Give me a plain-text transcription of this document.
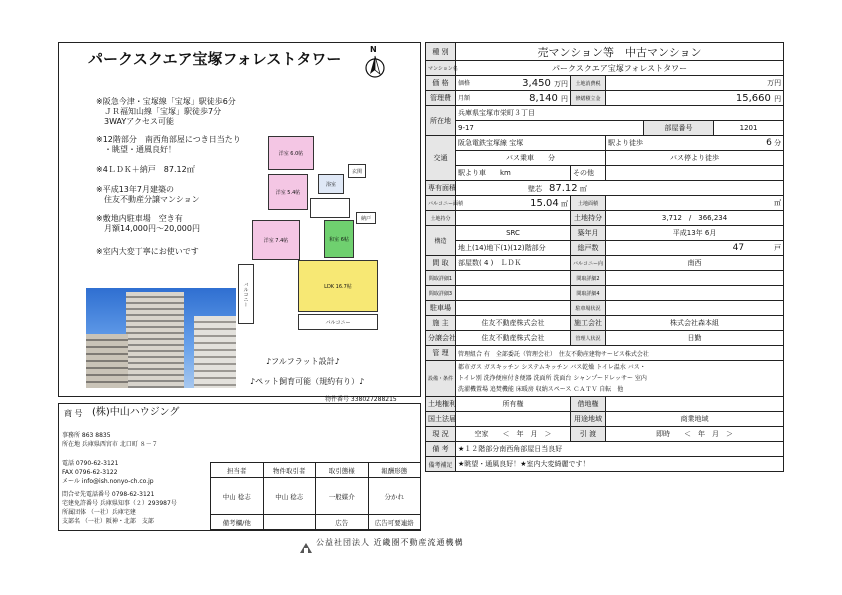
パークスクエア宝塚フォレストタワー
N
※阪急今津・宝塚線「宝塚」駅徒歩6分
　ＪＲ福知山線「宝塚」駅徒歩7分
　3WAYアクセス可能
※12階部分　南西角部屋につき日当たり
　・眺望・通風良好！
※4ＬＤＫ＋納戸　87.12㎡
※平成13年7月建築の
　住友不動産分譲マンション
※敷地内駐車場　空き有
　月額14,000円～20,000円
※室内大変丁寧にお使いです
洋室 6.0帖
洋室 5.4帖
洋室 7.4帖	和室 6帖
LDK 16.7帖
バルコニー
バルコニー
玄関
浴室
納戸
♪フルフラット設計♪
♪ペット飼育可能（規約有り）♪
物件番号 338027288215
商 号 (株)中山ハウジング
事務所 863 8835
所在地 兵庫県西宮市 北口町 ８－７
電話 0790-62-3121
FAX 0796-62-3122
メール info@ish.nonyo-ch.co.jp
問合せ先電話番号 0798-62-3121
宅建免許番号 兵庫県知事（２）293987号
所属団体 （一社）兵庫宅建
支部名 （一社）阪神・北部　支部
担当者	物件取引者	取引態様	報酬形態
中山 稔志	中山 稔志	一般媒介	分かれ
備考欄/他		広告	広告可要連絡
種 別	売マンション等　中古マンション				
マンション名	パークスクエア宝塚フォレストタワー				
価 格	価格 3,450 万円	土地消費税	万円		
管理費	月額 8,140 円	修繕積立金	15,660 円		
所在地	兵庫県宝塚市栄町３丁目				
	9-17			部屋番号	1201
交通	阪急電鉄宝塚線 宝塚		駅より徒歩 6 分		
	バス乗車　　 分		バス停より徒歩		
	駅より車　　 km	その他			
専有面積	壁芯　 87.12 ㎡				
バルコニー面積	15.04 ㎡	土地面積	㎡		
土地持分		土地持分	3,712　/　366,234		
構造	SRC	築年月	平成13年 6月		
	地上(14)地下(1)(12)階部分	総戸数	47 戸		
間 取	部屋数( 4 )　ＬＤＫ	バルコニー向	南西		
間取詳細1		間取詳細2			
間取詳細3		間取詳細4			
駐車場		駐車場状況			
施 主	住友不動産株式会社	施工会社	株式会社森本組		
分譲会社	住友不動産株式会社	管理人状況	日勤		
管 理	管理組合 有　全部委託（管理会社）　住友不動産建物サービス株式会社				
設備・条件	都市ガス ガスキッチン システムキッチン バス乾燥 トイレ温水 バス・
トイレ別 洗浄便座付き便器 洗面所 洗面台 シャンプードレッサー 室内
洗濯機置場 追焚機能 床暖房 収納スペース ＣＡＴＶ 自転　他				

土地権利	所有権	借地権			
国土法届		用途地域	商業地域		
現 況	空家　　＜　年　月　＞	引 渡	即時　　＜　年　月　＞		
備 考	★１２階部分南西角部屋日当良好				
備考補足	★眺望・通風良好！★室内大変綺麗です！				
公益社団法人 近畿圏不動産流通機構
